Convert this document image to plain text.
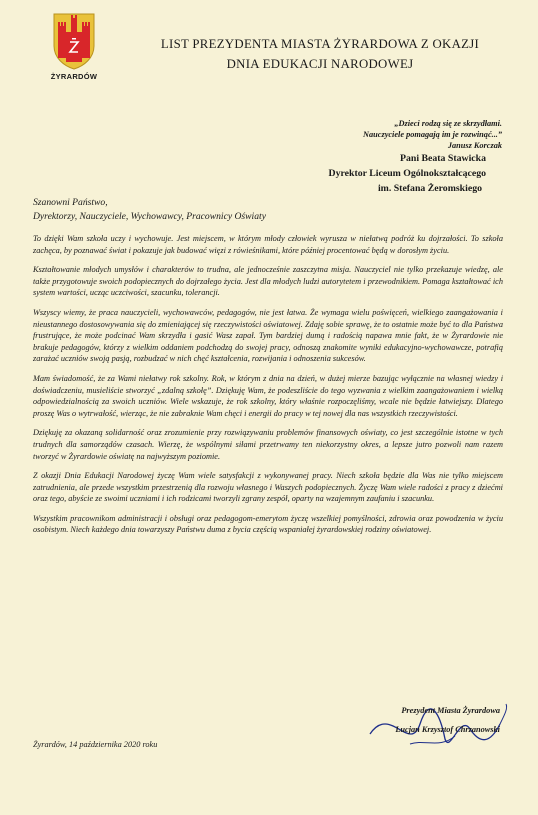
ŻYRARDÓW
LIST PREZYDENTA MIASTA ŻYRARDOWA Z OKAZJI
DNIA EDUKACJI NARODOWEJ
„Dzieci rodzą się ze skrzydłami.
Nauczyciele pomagają im je rozwinąć...”
Janusz Korczak
Pani Beata Stawicka
Dyrektor Liceum Ogólnokształcącego
im. Stefana Żeromskiego
Szanowni Państwo,
Dyrektorzy, Nauczyciele, Wychowawcy, Pracownicy Oświaty

To dzięki Wam szkoła uczy i wychowuje. Jest miejscem, w którym młody człowiek wyrusza w niełatwą podróż ku dojrzałości. To szkoła zachęca, by poznawać świat i pokazuje jak budować więzi z rówieśnikami, które później procentować będą w dorosłym życiu.

Kształtowanie młodych umysłów i charakterów to trudna, ale jednocześnie zaszczytna misja. Nauczyciel nie tylko przekazuje wiedzę, ale także przygotowuje swoich podopiecznych do dojrzałego życia. Jest dla młodych ludzi autorytetem i przewodnikiem. Pomaga kształtować ich system wartości, ucząc uczciwości, szacunku, tolerancji.

Wszyscy wiemy, że praca nauczycieli, wychowawców, pedagogów, nie jest łatwa. Że wymaga wielu poświęceń, wielkiego zaangażowania i nieustannego dostosowywania się do zmieniającej się rzeczywistości oświatowej. Zdaję sobie sprawę, że to ostatnie może być to dla Państwa frustrujące, że może podcinać Wam skrzydła i gasić Wasz zapał. Tym bardziej dumą i radością napawa mnie fakt, że w Żyrardowie nie brakuje pedagogów, którzy z wielkim oddaniem podchodzą do swojej pracy, odnoszą znakomite wyniki edukacyjno-wychowawcze, potrafią zarażać uczniów swoją pasją, rozbudzać w nich chęć kształcenia, rozwijania i odnoszenia sukcesów.

Mam świadomość, że za Wami niełatwy rok szkolny. Rok, w którym z dnia na dzień, w dużej mierze bazując wyłącznie na własnej wiedzy i doświadczeniu, musieliście stworzyć „zdalną szkołę”. Dziękuję Wam, że podeszliście do tego wyzwania z wielkim zaangażowaniem i wielką odpowiedzialnością za swoich uczniów. Wiele wskazuje, że rok szkolny, który właśnie rozpoczęliśmy, wcale nie będzie łatwiejszy. Dlatego proszę Was o wytrwałość, wierząc, że nie zabraknie Wam chęci i energii do pracy w tej nowej dla nas wszystkich rzeczywistości.

Dziękuję za okazaną solidarność oraz zrozumienie przy rozwiązywaniu problemów finansowych oświaty, co jest szczególnie istotne w tych trudnych dla samorządów czasach. Wierzę, że wspólnymi siłami przetrwamy ten niekorzystny okres, a lepsze jutro pozwoli nam razem tworzyć w Żyrardowie oświatę na najwyższym poziomie.

Z okazji Dnia Edukacji Narodowej życzę Wam wiele satysfakcji z wykonywanej pracy. Niech szkoła będzie dla Was nie tylko miejscem zatrudnienia, ale przede wszystkim przestrzenią dla rozwoju własnego i Waszych podopiecznych. Życzę Wam wiele radości z pracy z dziećmi oraz tego, abyście ze swoimi uczniami i ich rodzicami tworzyli zgrany zespół, oparty na wzajemnym zaufaniu i szacunku.

Wszystkim pracownikom administracji i obsługi oraz pedagogom-emerytom życzę wszelkiej pomyślności, zdrowia oraz powodzenia w życiu osobistym. Niech każdego dnia towarzyszy Państwu duma z bycia częścią wspaniałej żyrardowskiej rodziny oświatowej.

Prezydent Miasta Żyrardowa
Lucjan Krzysztof Chrzanowski
Żyrardów, 14 października 2020 roku
